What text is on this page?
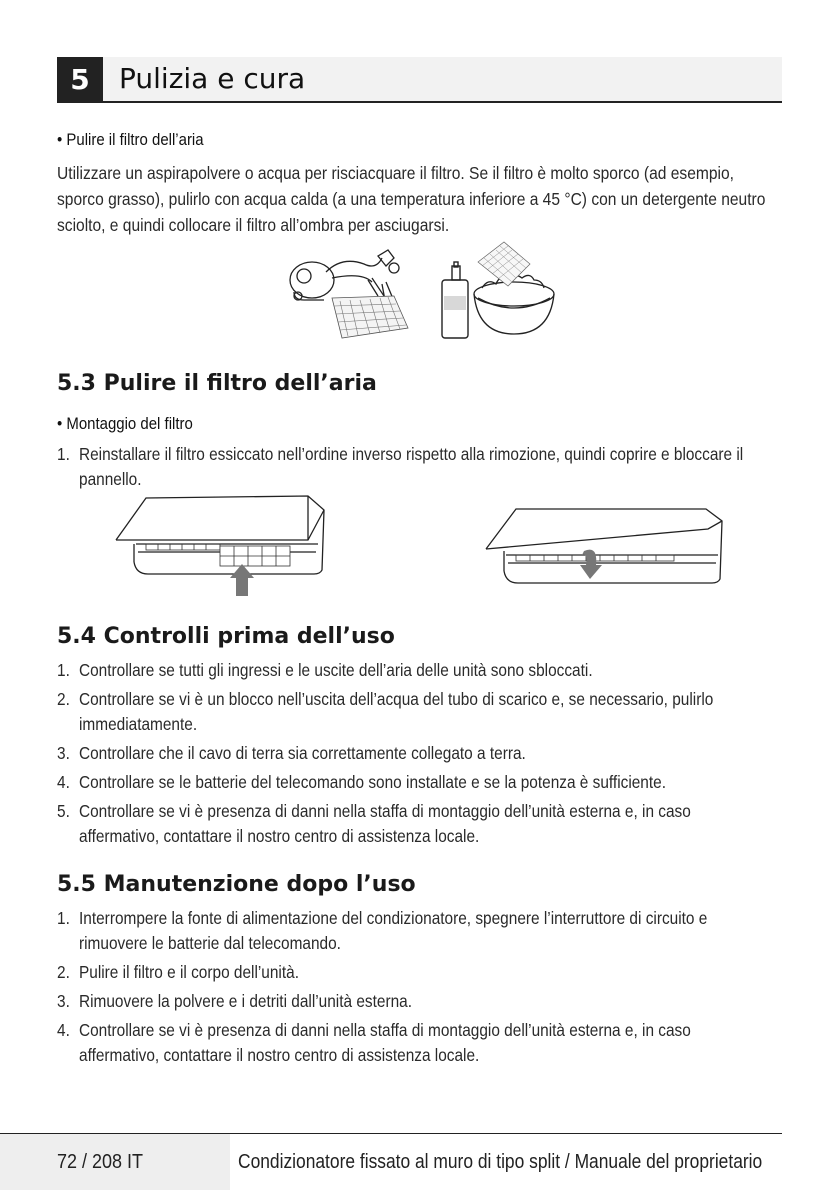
5	Pulizia e cura
• Pulire il filtro dell’aria
Utilizzare un aspirapolvere o acqua per risciacquare il filtro. Se il filtro è molto sporco (ad esempio,
sporco grasso), pulirlo con acqua calda (a una temperatura inferiore a 45 °C) con un detergente neutro
sciolto, e quindi collocare il filtro all’ombra per asciugarsi.
5.3 Pulire il filtro dell’aria
• Montaggio del filtro
1. Reinstallare il filtro essiccato nell’ordine inverso rispetto alla rimozione, quindi coprire e bloccare il
pannello.
5.4 Controlli prima dell’uso
1. Controllare se tutti gli ingressi e le uscite dell’aria delle unità sono sbloccati.
2. Controllare se vi è un blocco nell’uscita dell’acqua del tubo di scarico e, se necessario, pulirlo
immediatamente.
3. Controllare che il cavo di terra sia correttamente collegato a terra.
4. Controllare se le batterie del telecomando sono installate e se la potenza è sufficiente.
5. Controllare se vi è presenza di danni nella staffa di montaggio dell’unità esterna e, in caso
affermativo, contattare il nostro centro di assistenza locale.
5.5 Manutenzione dopo l’uso
1. Interrompere la fonte di alimentazione del condizionatore, spegnere l’interruttore di circuito e
rimuovere le batterie dal telecomando.
2. Pulire il filtro e il corpo dell’unità.
3. Rimuovere la polvere e i detriti dall’unità esterna.
4. Controllare se vi è presenza di danni nella staffa di montaggio dell’unità esterna e, in caso
affermativo, contattare il nostro centro di assistenza locale.
72 / 208 IT	Condizionatore fissato al muro di tipo split / Manuale del proprietario
